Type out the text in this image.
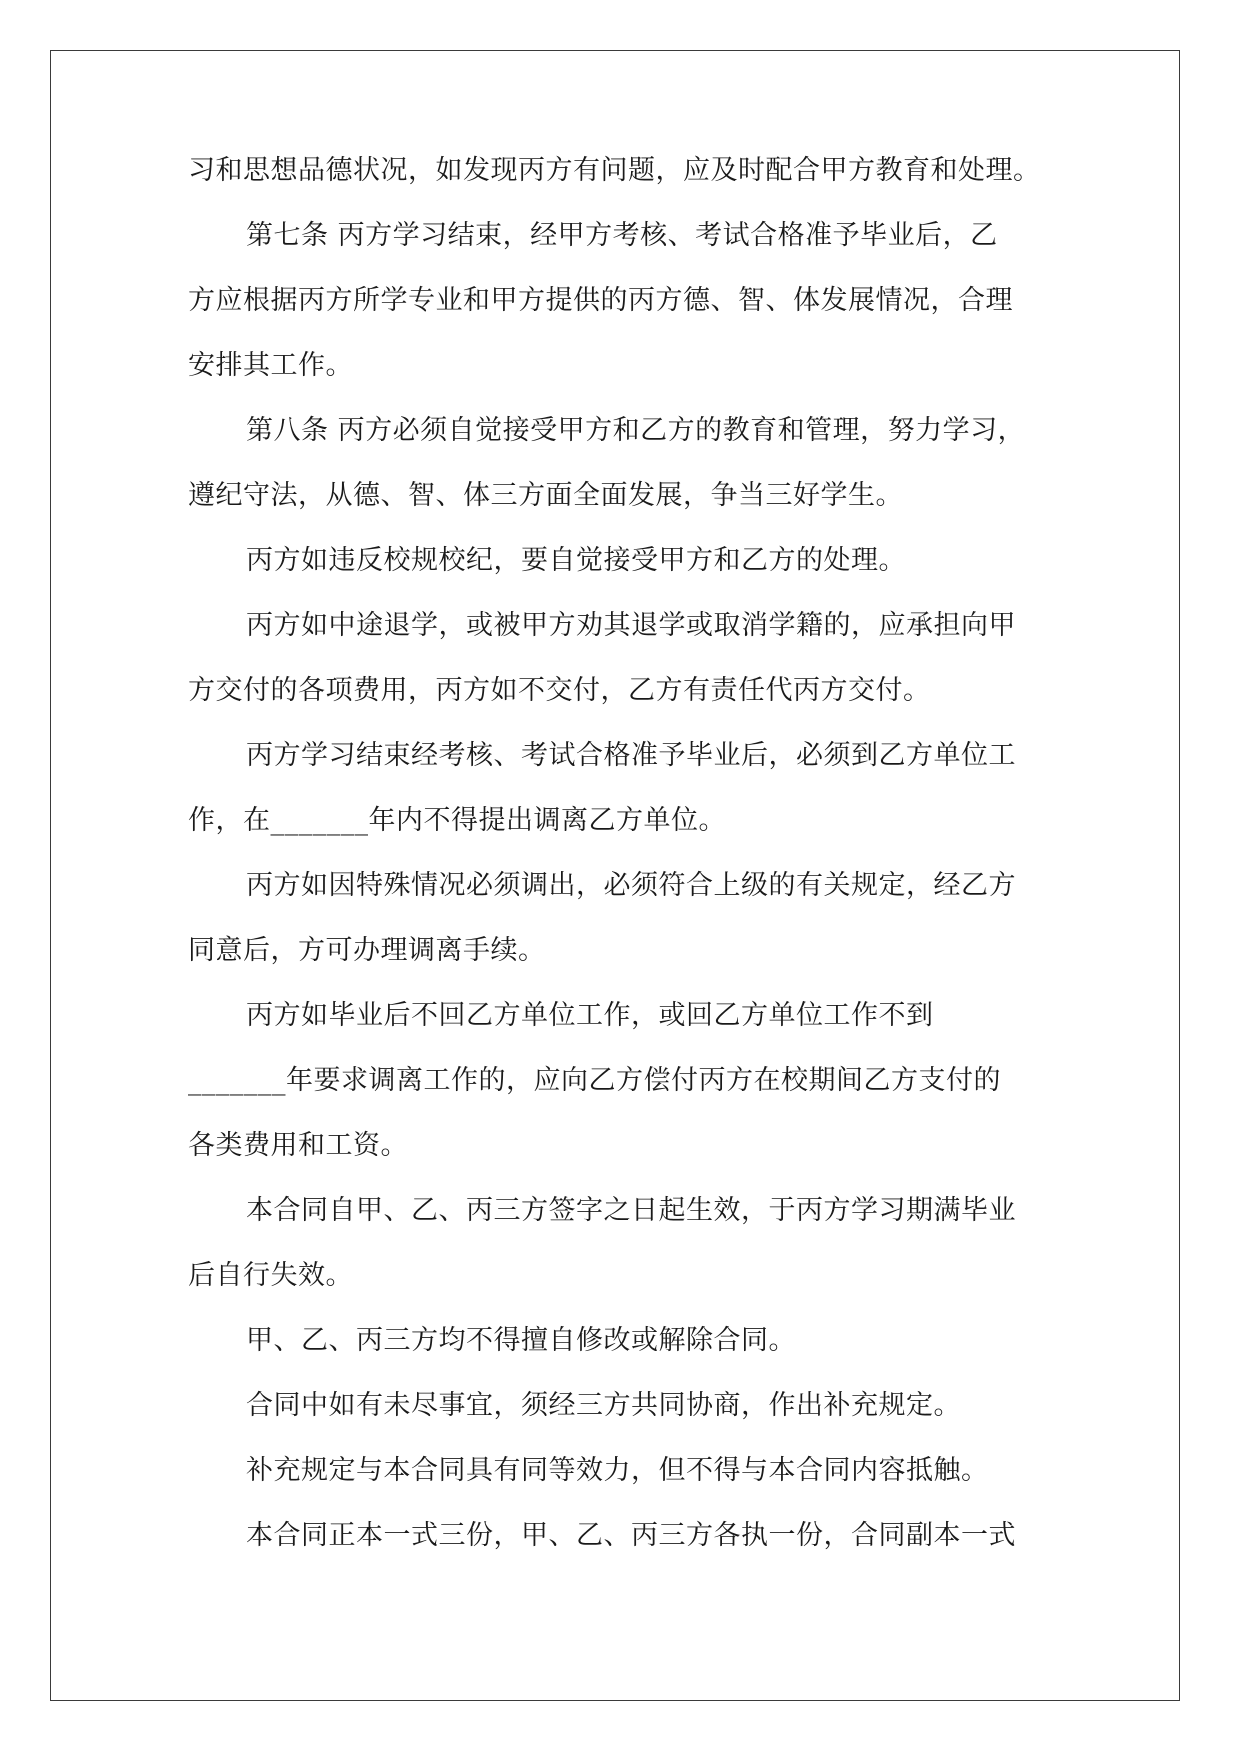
习和思想品德状况，如发现丙方有问题，应及时配合甲方教育和处理。
第七条 丙方学习结束，经甲方考核、考试合格准予毕业后，乙
方应根据丙方所学专业和甲方提供的丙方德、智、体发展情况，合理
安排其工作。
第八条 丙方必须自觉接受甲方和乙方的教育和管理，努力学习，
遵纪守法，从德、智、体三方面全面发展，争当三好学生。
丙方如违反校规校纪，要自觉接受甲方和乙方的处理。
丙方如中途退学，或被甲方劝其退学或取消学籍的，应承担向甲
方交付的各项费用，丙方如不交付，乙方有责任代丙方交付。
丙方学习结束经考核、考试合格准予毕业后，必须到乙方单位工
作，在_______年内不得提出调离乙方单位。
丙方如因特殊情况必须调出，必须符合上级的有关规定，经乙方
同意后，方可办理调离手续。
丙方如毕业后不回乙方单位工作，或回乙方单位工作不到
_______年要求调离工作的，应向乙方偿付丙方在校期间乙方支付的
各类费用和工资。
本合同自甲、乙、丙三方签字之日起生效，于丙方学习期满毕业
后自行失效。
甲、乙、丙三方均不得擅自修改或解除合同。
合同中如有未尽事宜，须经三方共同协商，作出补充规定。
补充规定与本合同具有同等效力，但不得与本合同内容抵触。
本合同正本一式三份，甲、乙、丙三方各执一份，合同副本一式
